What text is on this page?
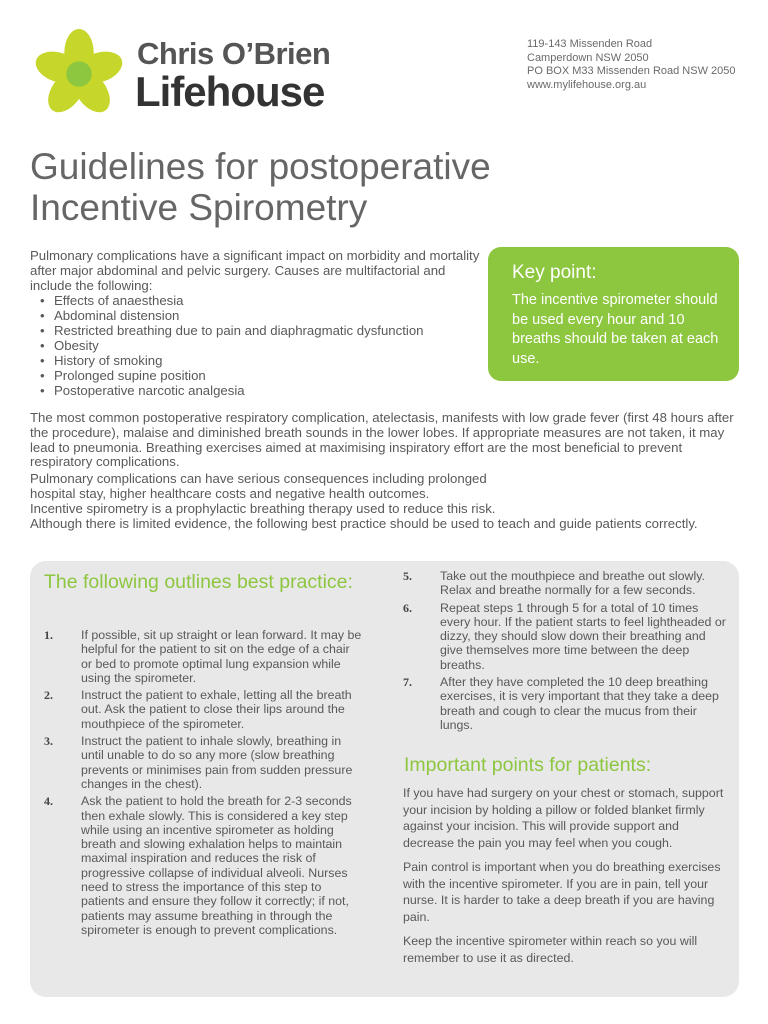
Chris O’Brien
Lifehouse
119-143 Missenden Road
Camperdown NSW 2050
PO BOX M33 Missenden Road NSW 2050
www.mylifehouse.org.au
Guidelines for postoperative
Incentive Spirometry

Pulmonary complications have a significant impact on morbidity and mortality after major abdominal and pelvic surgery. Causes are multifactorial and include the following:

• Effects of anaesthesia
• Abdominal distension
• Restricted breathing due to pain and diaphragmatic dysfunction
• Obesity
• History of smoking
• Prolonged supine position
• Postoperative narcotic analgesia
Key point:
The incentive spirometer should be used every hour and 10 breaths should be taken at each use.

The most common postoperative respiratory complication, atelectasis, manifests with low grade fever (first 48 hours after the procedure), malaise and diminished breath sounds in the lower lobes. If appropriate measures are not taken, it may lead to pneumonia. Breathing exercises aimed at maximising inspiratory effort are the most beneficial to prevent respiratory complications.

Pulmonary complications can have serious consequences including prolonged
hospital stay, higher healthcare costs and negative health outcomes.
Incentive spirometry is a prophylactic breathing therapy used to reduce this risk.

Although there is limited evidence, the following best practice should be used to teach and guide patients correctly.

The following outlines best practice:
1. If possible, sit up straight or lean forward. It may be helpful for the patient to sit on the edge of a chair or bed to promote optimal lung expansion while using the spirometer.
2. Instruct the patient to exhale, letting all the breath out. Ask the patient to close their lips around the mouthpiece of the spirometer.
3. Instruct the patient to inhale slowly, breathing in until unable to do so any more (slow breathing prevents or minimises pain from sudden pressure changes in the chest).
4. Ask the patient to hold the breath for 2-3 seconds then exhale slowly. This is considered a key step while using an incentive spirometer as holding breath and slowing exhalation helps to maintain maximal inspiration and reduces the risk of progressive collapse of individual alveoli. Nurses need to stress the importance of this step to patients and ensure they follow it correctly; if not, patients may assume breathing in through the spirometer is enough to prevent complications.
5. Take out the mouthpiece and breathe out slowly. Relax and breathe normally for a few seconds.
6. Repeat steps 1 through 5 for a total of 10 times every hour. If the patient starts to feel lightheaded or dizzy, they should slow down their breathing and give themselves more time between the deep breaths.
7. After they have completed the 10 deep breathing exercises, it is very important that they take a deep breath and cough to clear the mucus from their lungs.
Important points for patients:

If you have had surgery on your chest or stomach, support your incision by holding a pillow or folded blanket firmly against your incision. This will provide support and decrease the pain you may feel when you cough.

Pain control is important when you do breathing exercises with the incentive spirometer. If you are in pain, tell your nurse. It is harder to take a deep breath if you are having pain.

Keep the incentive spirometer within reach so you will remember to use it as directed.
